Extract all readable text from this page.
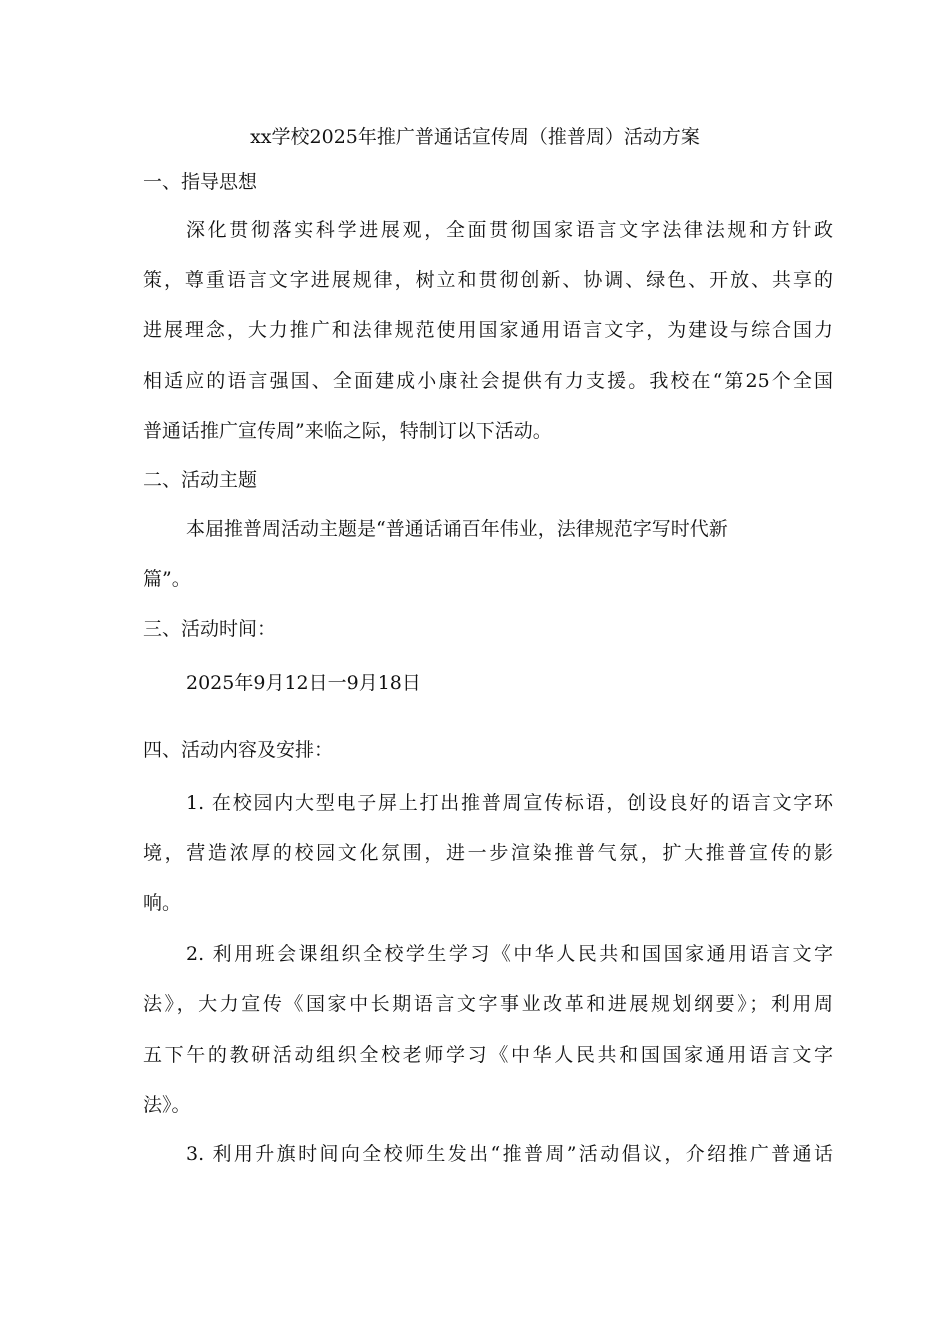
xx学校2025年推广普通话宣传周（推普周）活动方案
一、指导思想
深化贯彻落实科学进展观，全面贯彻国家语言文字法律法规和方针政
策，尊重语言文字进展规律，树立和贯彻创新、协调、绿色、开放、共享的
进展理念，大力推广和法律规范使用国家通用语言文字，为建设与综合国力
相适应的语言强国、全面建成小康社会提供有力支援。我校在“第25个全国
普通话推广宣传周”来临之际，特制订以下活动。
二、活动主题
本届推普周活动主题是“普通话诵百年伟业，法律规范字写时代新
篇”。
三、活动时间：
2025年9月12日一9月18日
四、活动内容及安排：
1. 在校园内大型电子屏上打出推普周宣传标语，创设良好的语言文字环
境，营造浓厚的校园文化氛围，进一步渲染推普气氛，扩大推普宣传的影
响。
2. 利用班会课组织全校学生学习《中华人民共和国国家通用语言文字
法》，大力宣传《国家中长期语言文字事业改革和进展规划纲要》；利用周
五下午的教研活动组织全校老师学习《中华人民共和国国家通用语言文字
法》。
3. 利用升旗时间向全校师生发出“推普周”活动倡议，介绍推广普通话
